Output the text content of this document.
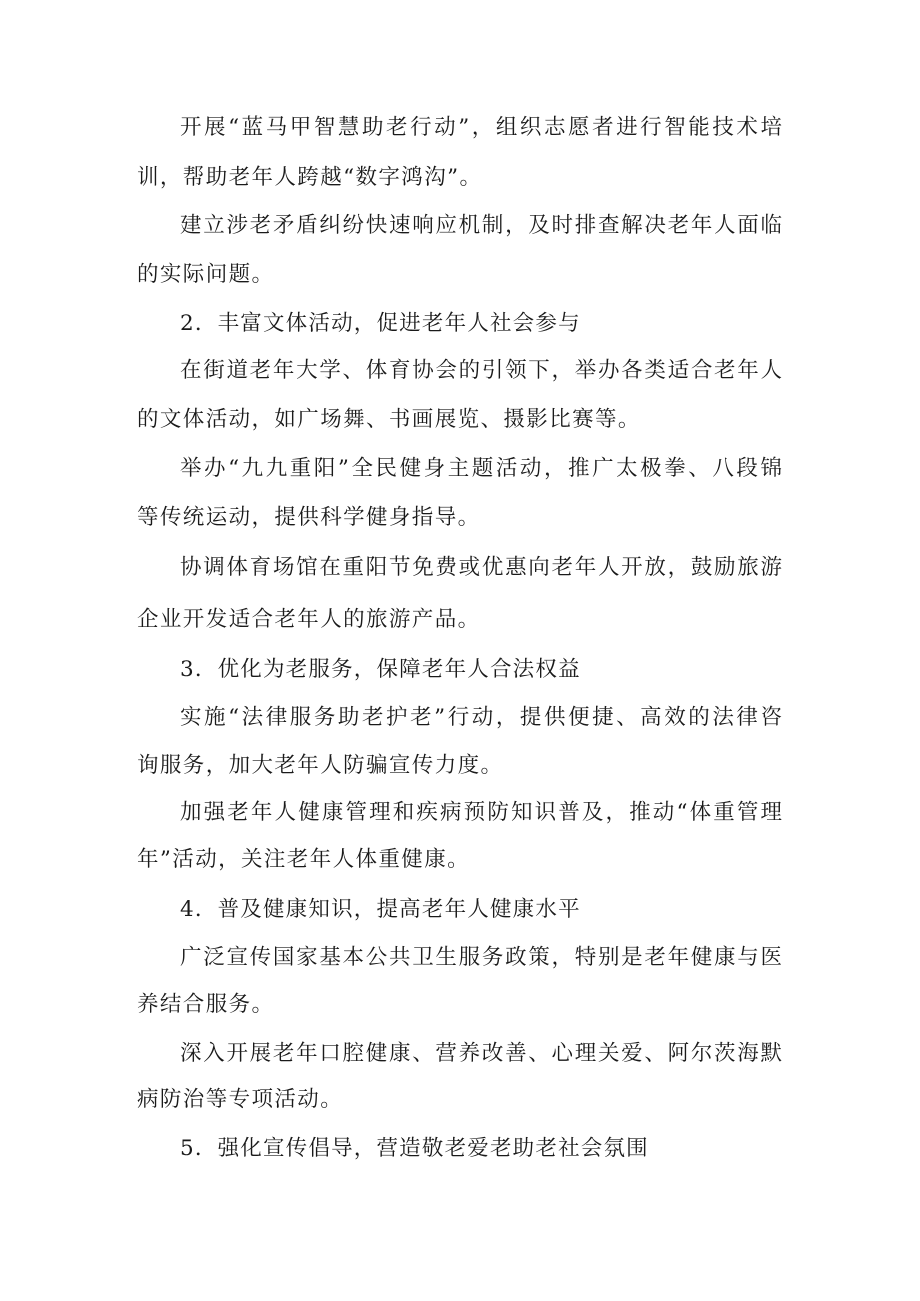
开展“蓝马甲智慧助老行动”，组织志愿者进行智能技术培
训，帮助老年人跨越“数字鸿沟”。
建立涉老矛盾纠纷快速响应机制，及时排查解决老年人面临
的实际问题。
2．丰富文体活动，促进老年人社会参与
在街道老年大学、体育协会的引领下，举办各类适合老年人
的文体活动，如广场舞、书画展览、摄影比赛等。
举办“九九重阳”全民健身主题活动，推广太极拳、八段锦
等传统运动，提供科学健身指导。
协调体育场馆在重阳节免费或优惠向老年人开放，鼓励旅游
企业开发适合老年人的旅游产品。
3．优化为老服务，保障老年人合法权益
实施“法律服务助老护老”行动，提供便捷、高效的法律咨
询服务，加大老年人防骗宣传力度。
加强老年人健康管理和疾病预防知识普及，推动“体重管理
年”活动，关注老年人体重健康。
4．普及健康知识，提高老年人健康水平
广泛宣传国家基本公共卫生服务政策，特别是老年健康与医
养结合服务。
深入开展老年口腔健康、营养改善、心理关爱、阿尔茨海默
病防治等专项活动。
5．强化宣传倡导，营造敬老爱老助老社会氛围
